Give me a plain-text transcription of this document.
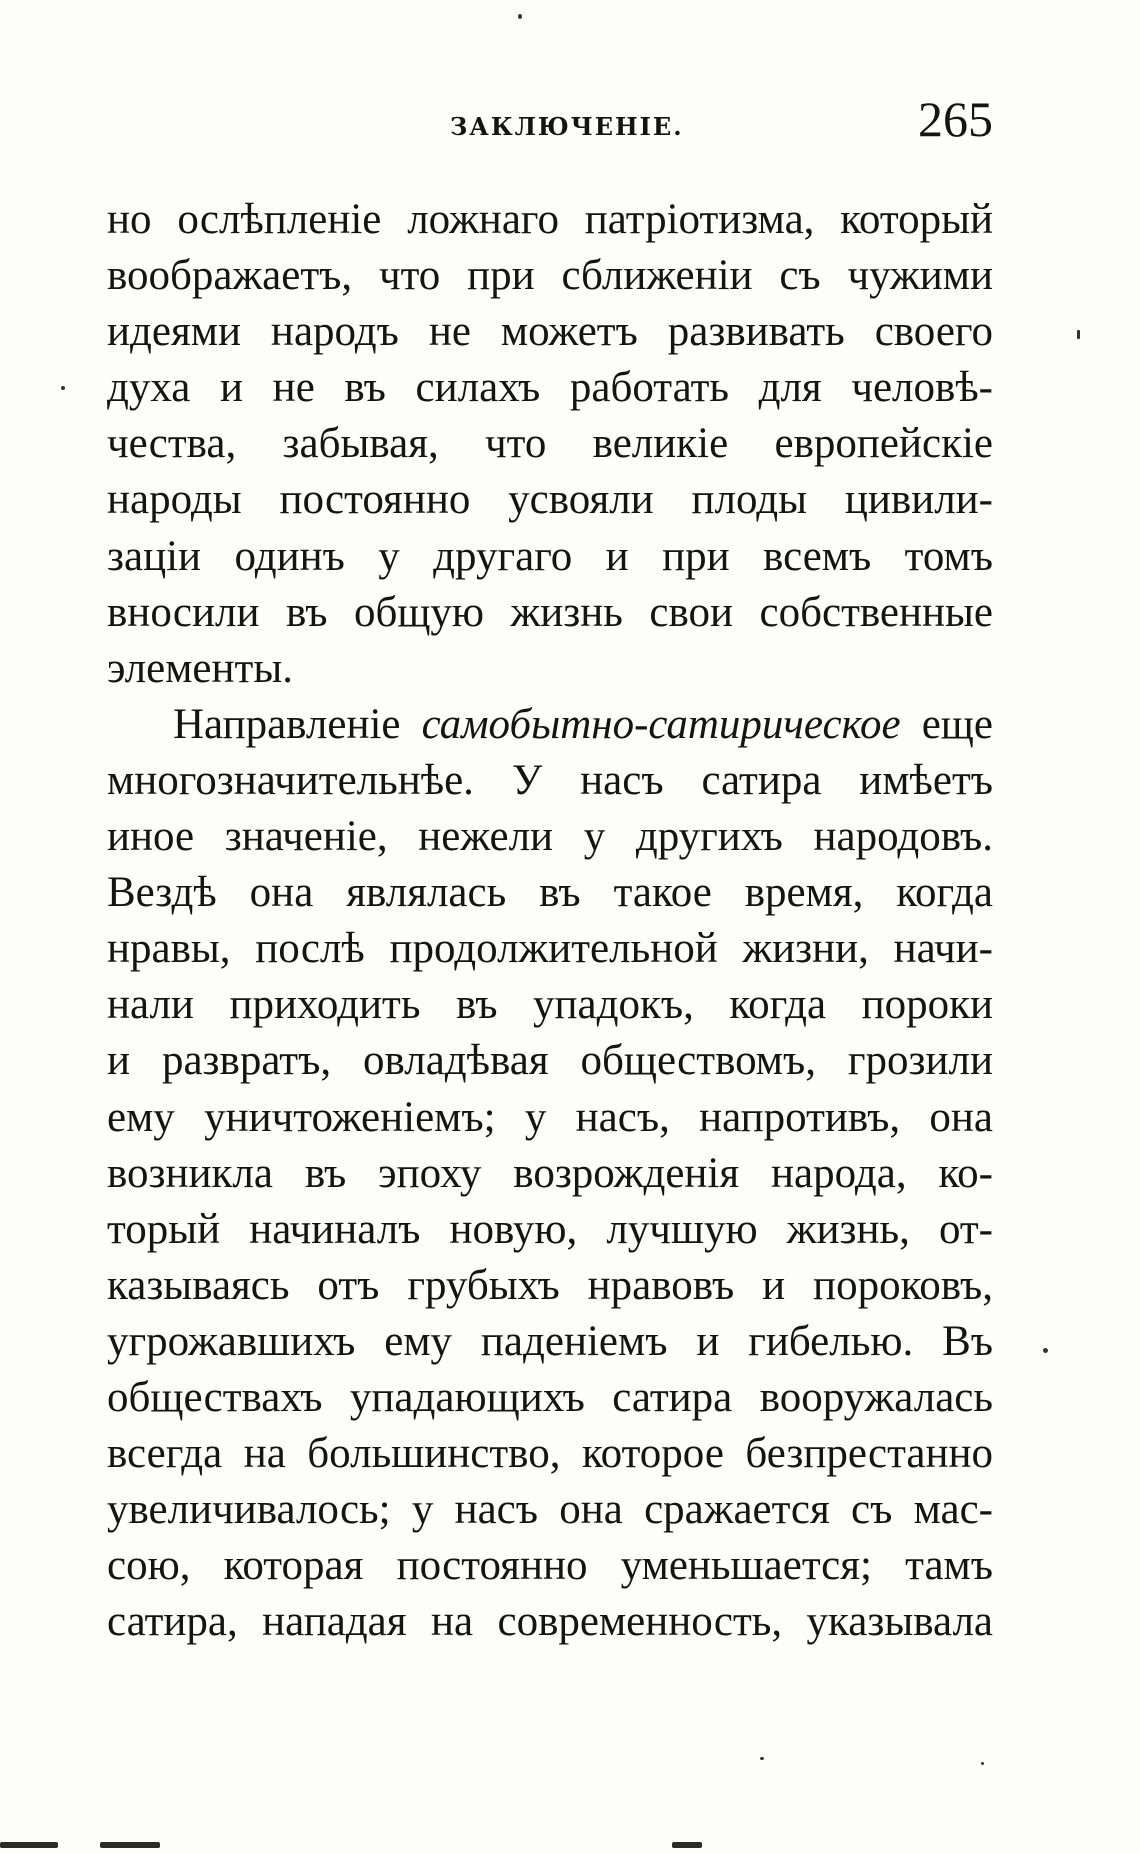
ЗАКЛЮЧЕНІЕ.	265
но ослѣпленіе ложнаго патріотизма, который
воображаетъ, что при сближеніи съ чужими
идеями народъ не можетъ развивать своего
духа и не въ силахъ работать для человѣ-
чества, забывая, что великіе европейскіе
народы постоянно усвояли плоды цивили-
заціи одинъ у другаго и при всемъ томъ
вносили въ общую жизнь свои собственные
элементы.
Направленіе самобытно-сатирическое еще
многозначительнѣе. У насъ сатира имѣетъ
иное значеніе, нежели у другихъ народовъ.
Вездѣ она являлась въ такое время, когда
нравы, послѣ продолжительной жизни, начи-
нали приходить въ упадокъ, когда пороки
и развратъ, овладѣвая обществомъ, грозили
ему уничтоженіемъ; у насъ, напротивъ, она
возникла въ эпоху возрожденія народа, ко-
торый начиналъ новую, лучшую жизнь, от-
казываясь отъ грубыхъ нравовъ и пороковъ,
угрожавшихъ ему паденіемъ и гибелью. Въ
обществахъ упадающихъ сатира вооружалась
всегда на большинство, которое безпрестанно
увеличивалось; у насъ она сражается съ мас-
сою, которая постоянно уменьшается; тамъ
сатира, нападая на современность, указывала
